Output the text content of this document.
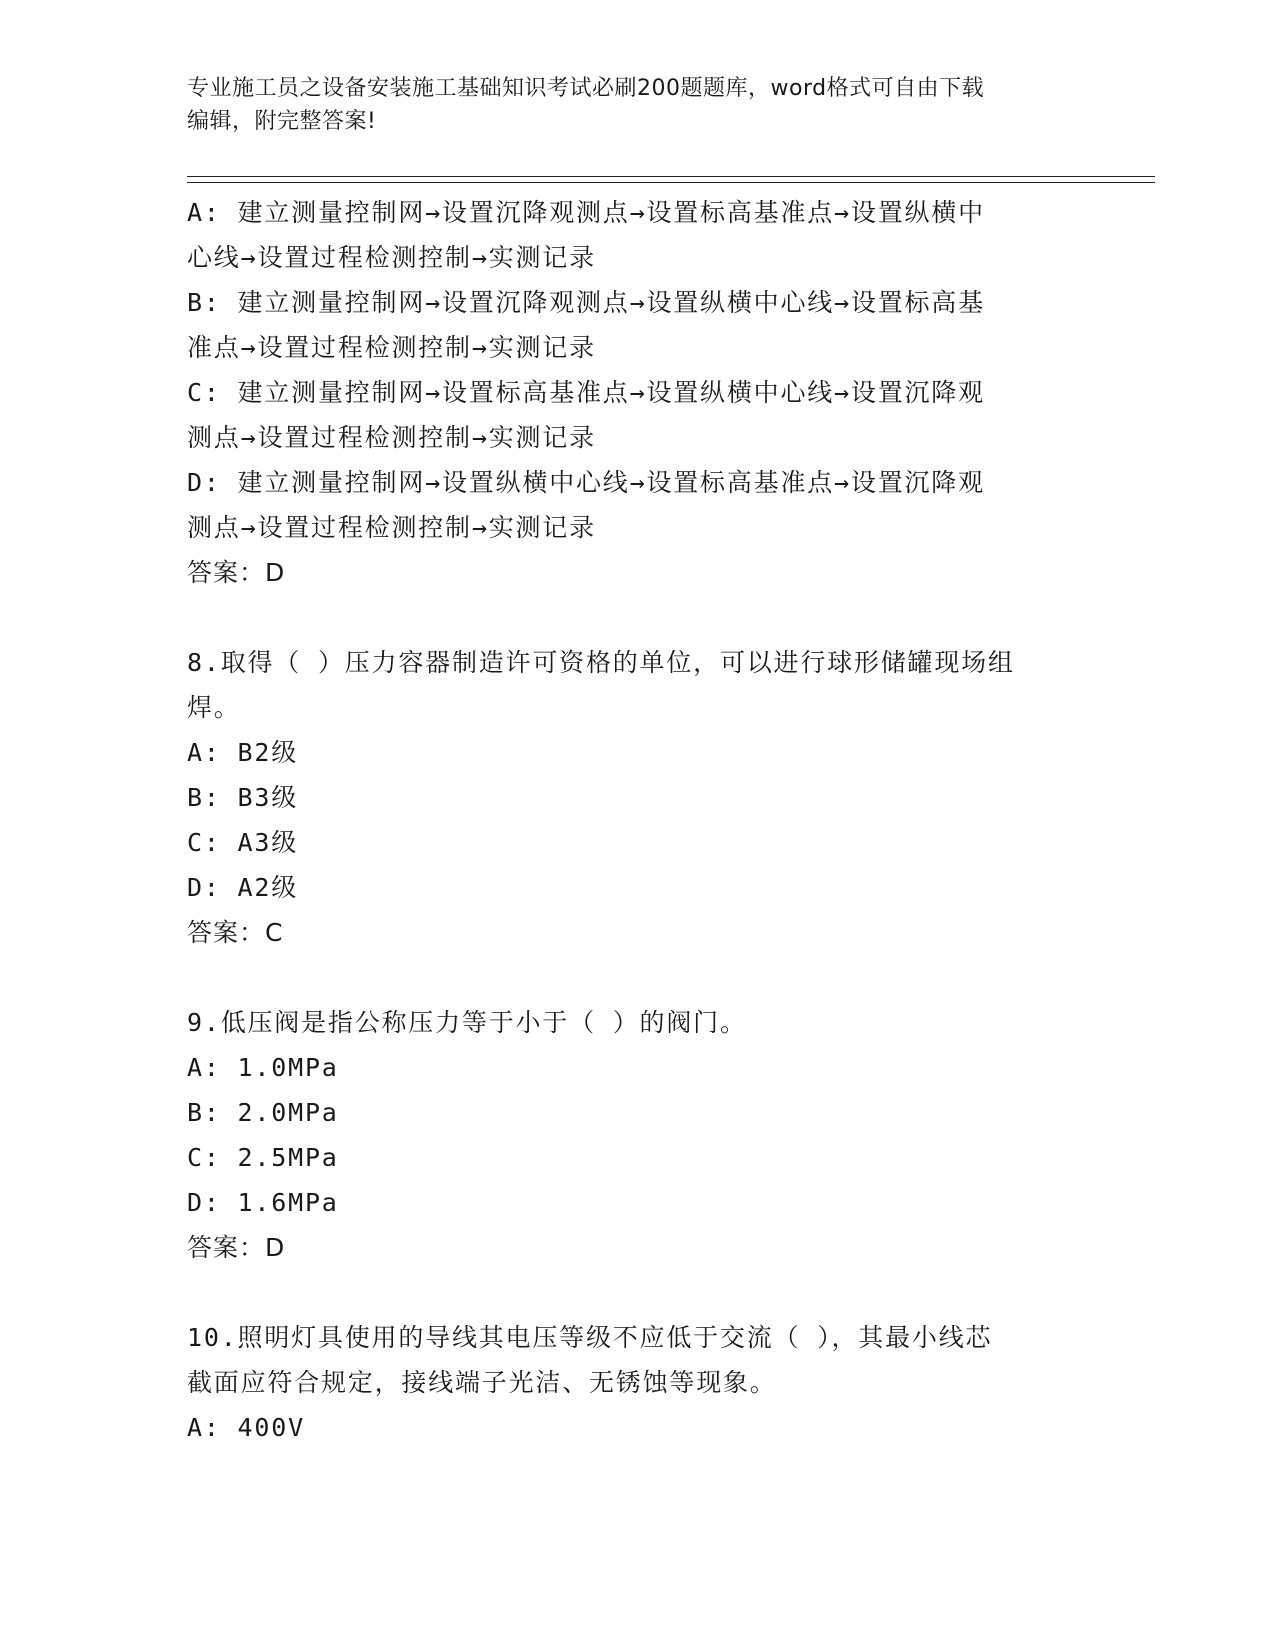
专业施工员之设备安装施工基础知识考试必刷200题题库，word格式可自由下载
编辑，附完整答案!
A: 建立测量控制网→设置沉降观测点→设置标高基准点→设置纵横中
心线→设置过程检测控制→实测记录
B: 建立测量控制网→设置沉降观测点→设置纵横中心线→设置标高基
准点→设置过程检测控制→实测记录
C: 建立测量控制网→设置标高基准点→设置纵横中心线→设置沉降观
测点→设置过程检测控制→实测记录
D: 建立测量控制网→设置纵横中心线→设置标高基准点→设置沉降观
测点→设置过程检测控制→实测记录
答案：D
8.取得（ ）压力容器制造许可资格的单位，可以进行球形储罐现场组
焊。
A: B2级
B: B3级
C: A3级
D: A2级
答案：C
9.低压阀是指公称压力等于小于（ ）的阀门。
A: 1.0MPa
B: 2.0MPa
C: 2.5MPa
D: 1.6MPa
答案：D
10.照明灯具使用的导线其电压等级不应低于交流（ ），其最小线芯
截面应符合规定，接线端子光洁、无锈蚀等现象。
A: 400V
